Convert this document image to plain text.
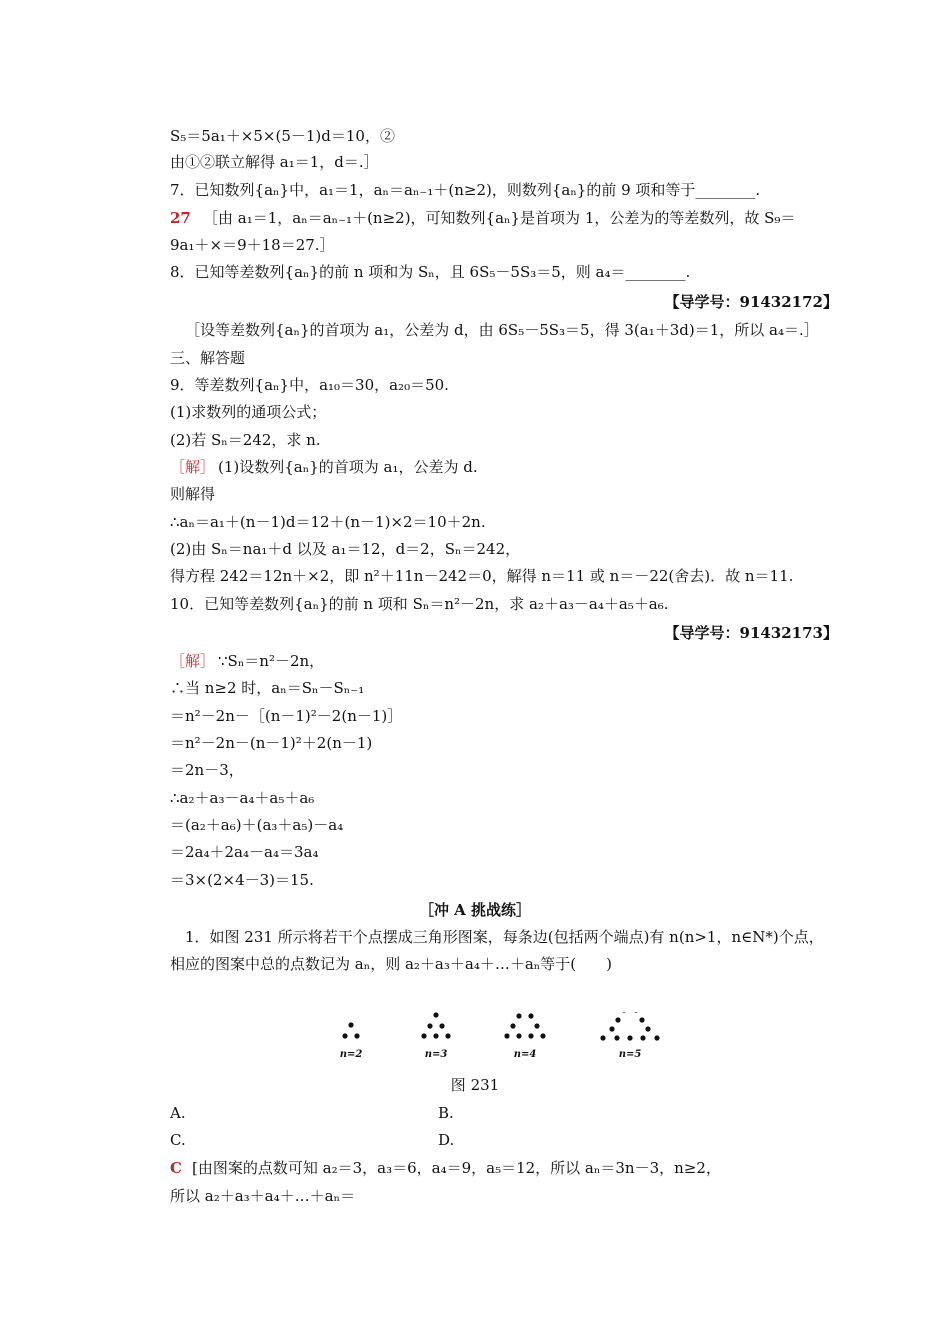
S₅＝5a₁＋×5×(5－1)d＝10，②
由①②联立解得 a₁＝1，d＝.］
7．已知数列{aₙ}中，a₁＝1，aₙ＝aₙ₋₁＋(n≥2)，则数列{aₙ}的前 9 项和等于________.
［由 a₁＝1，aₙ＝aₙ₋₁＋(n≥2)，可知数列{aₙ}是首项为 1，公差为的等差数列，故 S₉＝
9a₁＋×＝9＋18＝27.］
8．已知等差数列{aₙ}的前 n 项和为 Sₙ，且 6S₅－5S₃＝5，则 a₄＝________.
［设等差数列{aₙ}的首项为 a₁，公差为 d，由 6S₅－5S₃＝5，得 3(a₁＋3d)＝1，所以 a₄＝.］
三、解答题
9．等差数列{aₙ}中，a₁₀＝30，a₂₀＝50.
(1)求数列的通项公式；
(2)若 Sₙ＝242，求 n.
(1)设数列{aₙ}的首项为 a₁，公差为 d.
则解得
∴aₙ＝a₁＋(n－1)d＝12＋(n－1)×2＝10＋2n.
(2)由 Sₙ＝na₁＋d 以及 a₁＝12，d＝2，Sₙ＝242，
得方程 242＝12n＋×2，即 n²＋11n－242＝0，解得 n＝11 或 n＝－22(舍去)．故 n＝11.
10．已知等差数列{aₙ}的前 n 项和 Sₙ＝n²－2n，求 a₂＋a₃－a₄＋a₅＋a₆.
∵Sₙ＝n²－2n，
∴当 n≥2 时，aₙ＝Sₙ－Sₙ₋₁
＝n²－2n－［(n－1)²－2(n－1)］
＝n²－2n－(n－1)²＋2(n－1)
＝2n－3，
∴a₂＋a₃－a₄＋a₅＋a₆
＝(a₂＋a₆)＋(a₃＋a₅)－a₄
＝2a₄＋2a₄－a₄＝3a₄
＝3×(2×4－3)＝15.
1．如图 231 所示将若干个点摆成三角形图案，每条边(包括两个端点)有 n(n>1，n∈N*)个点，
相应的图案中总的点数记为 aₙ，则 a₂＋a₃＋a₄＋…＋aₙ等于(　　)
[由图案的点数可知 a₂＝3，a₃＝6，a₄＝9，a₅＝12，所以 aₙ＝3n－3，n≥2，
所以 a₂＋a₃＋a₄＋…＋aₙ＝
27
【导学号：91432172】
［解］
【导学号：91432173】
［解］
［冲 A 挑战练］
n=2	n=3	n=4	n=5
图 231
A.	B.
C.	D.
C
